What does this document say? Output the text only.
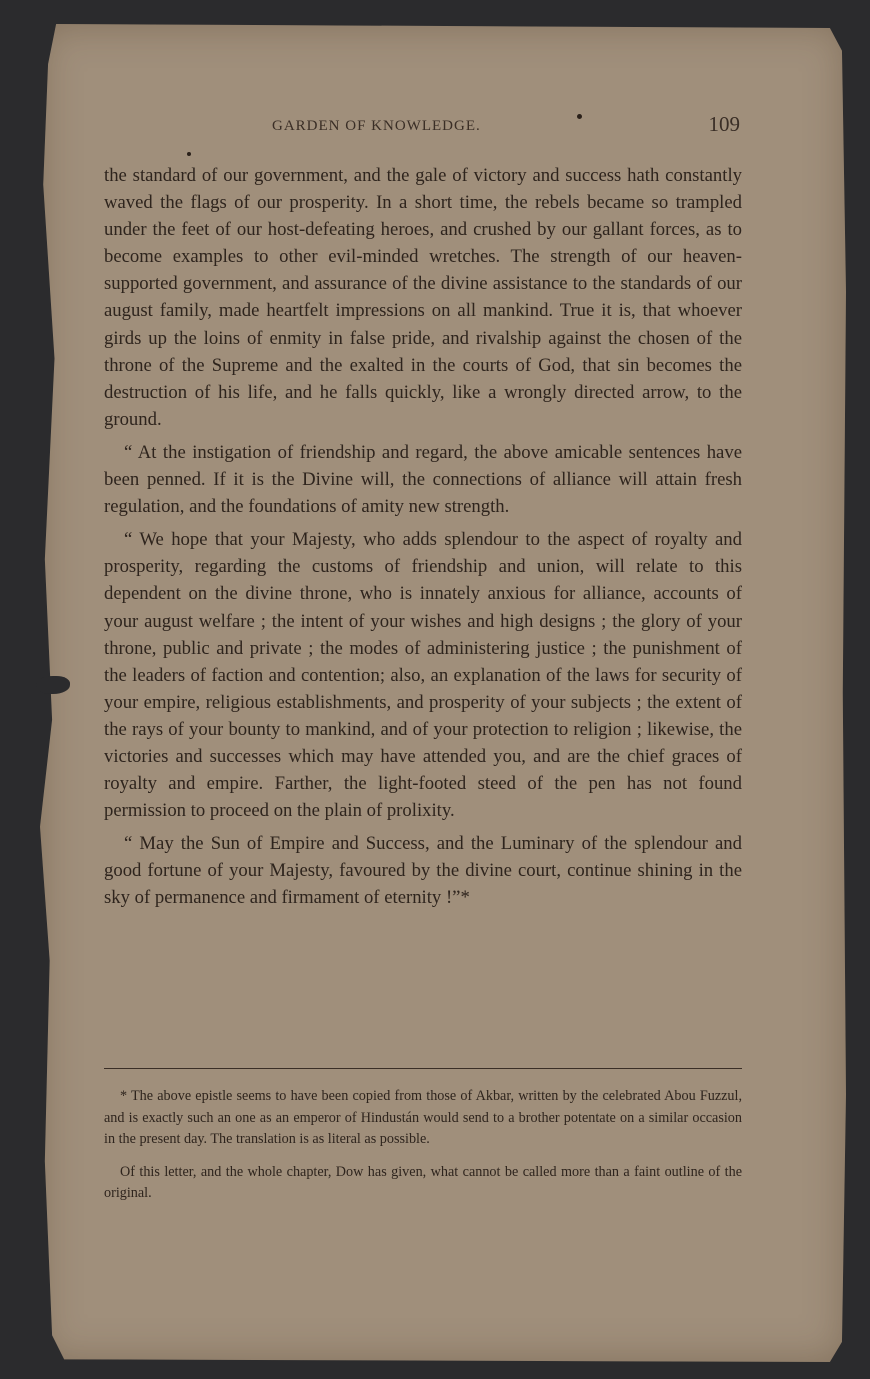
GARDEN OF KNOWLEDGE.	109

the standard of our government, and the gale of victory and success hath constantly waved the flags of our prosperity. In a short time, the rebels became so trampled under the feet of our host-defeating heroes, and crushed by our gallant forces, as to become examples to other evil-minded wretches. The strength of our heaven-supported government, and assurance of the divine assistance to the standards of our august family, made heartfelt impressions on all mankind. True it is, that whoever girds up the loins of enmity in false pride, and rivalship against the chosen of the throne of the Supreme and the exalted in the courts of God, that sin becomes the destruction of his life, and he falls quickly, like a wrongly directed arrow, to the ground.

“ At the instigation of friendship and regard, the above amicable sentences have been penned. If it is the Divine will, the connections of alliance will attain fresh regulation, and the foundations of amity new strength.

“ We hope that your Majesty, who adds splendour to the aspect of royalty and prosperity, regarding the customs of friendship and union, will relate to this dependent on the divine throne, who is innately anxious for alliance, accounts of your august welfare ; the intent of your wishes and high designs ; the glory of your throne, public and private ; the modes of administering justice ; the punishment of the leaders of faction and contention; also, an explanation of the laws for security of your empire, religious establishments, and prosperity of your subjects ; the extent of the rays of your bounty to mankind, and of your protection to religion ; likewise, the victories and successes which may have attended you, and are the chief graces of royalty and empire. Farther, the light-footed steed of the pen has not found permission to proceed on the plain of prolixity.

“ May the Sun of Empire and Success, and the Luminary of the splendour and good fortune of your Majesty, favoured by the divine court, continue shining in the sky of permanence and firmament of eternity !”*

* The above epistle seems to have been copied from those of Akbar, written by the celebrated Abou Fuzzul, and is exactly such an one as an emperor of Hindustán would send to a brother potentate on a similar occasion in the present day. The translation is as literal as possible.

Of this letter, and the whole chapter, Dow has given, what cannot be called more than a faint outline of the original.
